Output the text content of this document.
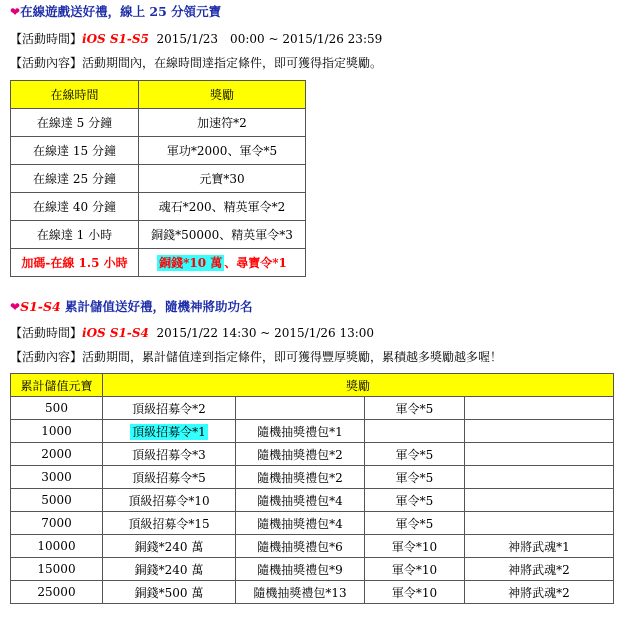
❤在線遊戲送好禮，線上 25 分領元寶
【活動時間】iOS S1-S5 2015/1/23　00:00 ~ 2015/1/26 23:59
【活動內容】活動期間內，在線時間達指定條件，即可獲得指定獎勵。
在線時間	獎勵
在線達 5 分鐘	加速符*2
在線達 15 分鐘	軍功*2000、軍令*5
在線達 25 分鐘	元寶*30
在線達 40 分鐘	魂石*200、精英軍令*2
在線達 1 小時	銅錢*50000、精英軍令*3
加碼-在線 1.5 小時	銅錢*10 萬 、尋寶令*1
❤S1-S4 累計儲值送好禮，隨機神將助功名
【活動時間】iOS S1-S4 2015/1/22 14:30 ~ 2015/1/26 13:00
【活動內容】活動期間，累計儲值達到指定條件，即可獲得豐厚獎勵，累積越多獎勵越多喔！
累計儲值元寶	獎勵			
500	頂級招募令*2		軍令*5	
1000	頂級招募令*1	隨機抽獎禮包*1		
2000	頂級招募令*3	隨機抽獎禮包*2	軍令*5	
3000	頂級招募令*5	隨機抽獎禮包*2	軍令*5	
5000	頂級招募令*10	隨機抽獎禮包*4	軍令*5	
7000	頂級招募令*15	隨機抽獎禮包*4	軍令*5	
10000	銅錢*240 萬	隨機抽獎禮包*6	軍令*10	神將武魂*1
15000	銅錢*240 萬	隨機抽獎禮包*9	軍令*10	神將武魂*2
25000	銅錢*500 萬	隨機抽獎禮包*13	軍令*10	神將武魂*2
